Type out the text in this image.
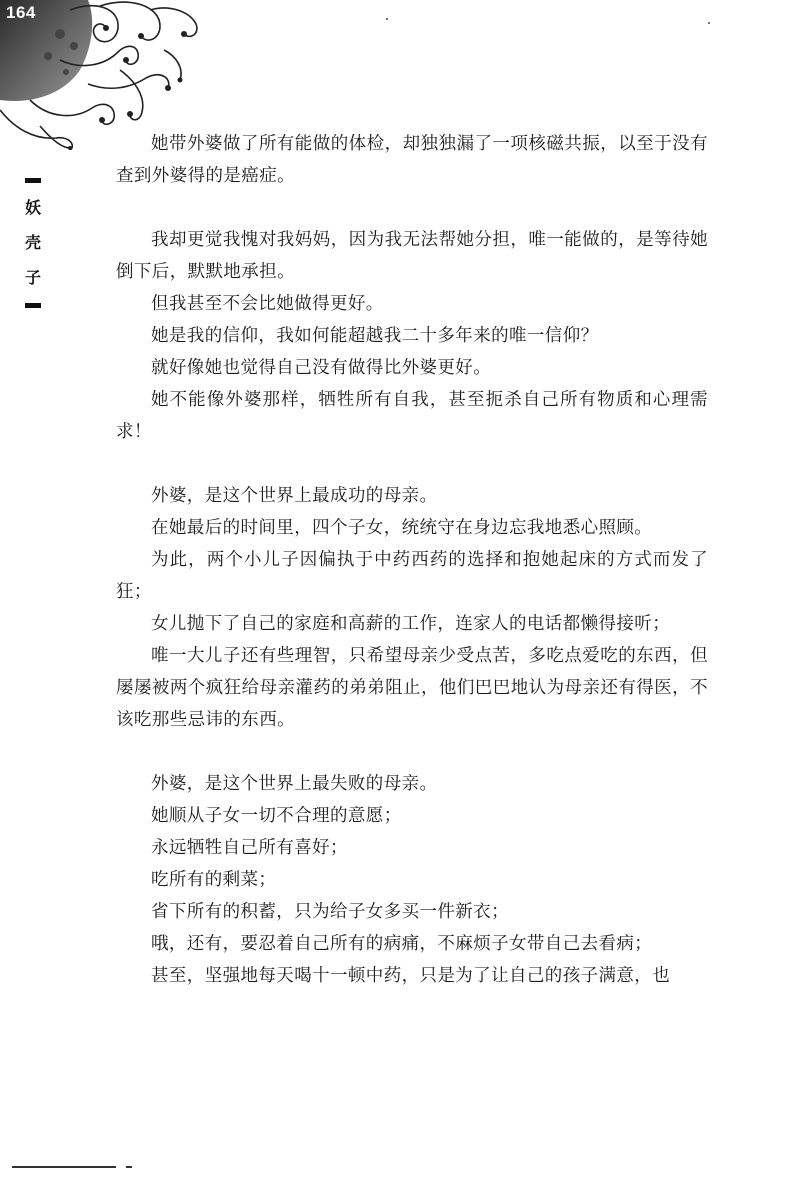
164
妖
壳
子

她带外婆做了所有能做的体检，却独独漏了一项核磁共振，以至于没有查到外婆得的是癌症。

我却更觉我愧对我妈妈，因为我无法帮她分担，唯一能做的，是等待她倒下后，默默地承担。

但我甚至不会比她做得更好。

她是我的信仰，我如何能超越我二十多年来的唯一信仰？

就好像她也觉得自己没有做得比外婆更好。

她不能像外婆那样，牺牲所有自我，甚至扼杀自己所有物质和心理需求！

外婆，是这个世界上最成功的母亲。

在她最后的时间里，四个子女，统统守在身边忘我地悉心照顾。

为此，两个小儿子因偏执于中药西药的选择和抱她起床的方式而发了狂；

女儿抛下了自己的家庭和高薪的工作，连家人的电话都懒得接听；

唯一大儿子还有些理智，只希望母亲少受点苦，多吃点爱吃的东西，但屡屡被两个疯狂给母亲灌药的弟弟阻止，他们巴巴地认为母亲还有得医，不该吃那些忌讳的东西。

外婆，是这个世界上最失败的母亲。

她顺从子女一切不合理的意愿；

永远牺牲自己所有喜好；

吃所有的剩菜；

省下所有的积蓄，只为给子女多买一件新衣；

哦，还有，要忍着自己所有的病痛，不麻烦子女带自己去看病；

甚至，坚强地每天喝十一顿中药，只是为了让自己的孩子满意，也
